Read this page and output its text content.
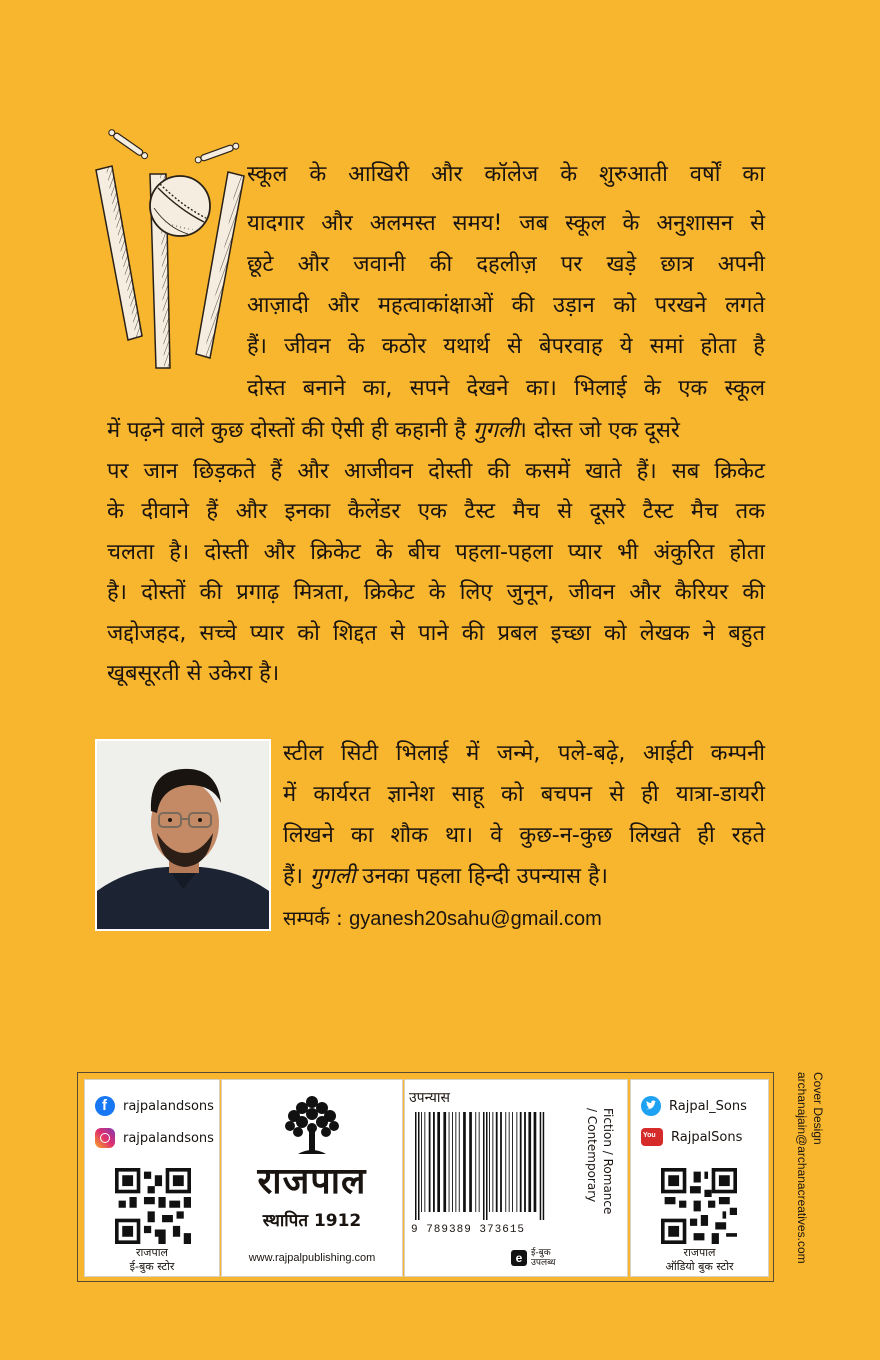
स्कूल के आखिरी और कॉलेज के शुरुआती वर्षों का
यादगार और अलमस्त समय! जब स्कूल के अनुशासन से
छूटे और जवानी की दहलीज़ पर खड़े छात्र अपनी
आज़ादी और महत्वाकांक्षाओं की उड़ान को परखने लगते
हैं। जीवन के कठोर यथार्थ से बेपरवाह ये समां होता है
दोस्त बनाने का, सपने देखने का। भिलाई के एक स्कूल
में पढ़ने वाले कुछ दोस्तों की ऐसी ही कहानी है गुगली। दोस्त जो एक दूसरे
पर जान छिड़कते हैं और आजीवन दोस्ती की कसमें खाते हैं। सब क्रिकेट
के दीवाने हैं और इनका कैलेंडर एक टैस्ट मैच से दूसरे टैस्ट मैच तक
चलता है। दोस्ती और क्रिकेट के बीच पहला-पहला प्यार भी अंकुरित होता
है। दोस्तों की प्रगाढ़ मित्रता, क्रिकेट के लिए जुनून, जीवन और कैरियर की
जद्दोजहद, सच्चे प्यार को शिद्दत से पाने की प्रबल इच्छा को लेखक ने बहुत
खूबसूरती से उकेरा है।
स्टील सिटी भिलाई में जन्मे, पले-बढ़े, आईटी कम्पनी
में कार्यरत ज्ञानेश साहू को बचपन से ही यात्रा-डायरी
लिखने का शौक था। वे कुछ-न-कुछ लिखते ही रहते
हैं। गुगली उनका पहला हिन्दी उपन्यास है।
सम्पर्क : gyanesh20sahu@gmail.com
f rajpalandsons
rajpalandsons
राजपाल
ई-बुक स्टोर
राजपाल
स्थापित 1912
www.rajpalpublishing.com
उपन्यास
9 789389 373615
Fiction / Romance
/ Contemporary
e ई-बुक
उपलब्ध
Rajpal_Sons
You RajpalSons
राजपाल
ऑडियो बुक स्टोर
Cover Design
archanajain@archanacreatives.com
